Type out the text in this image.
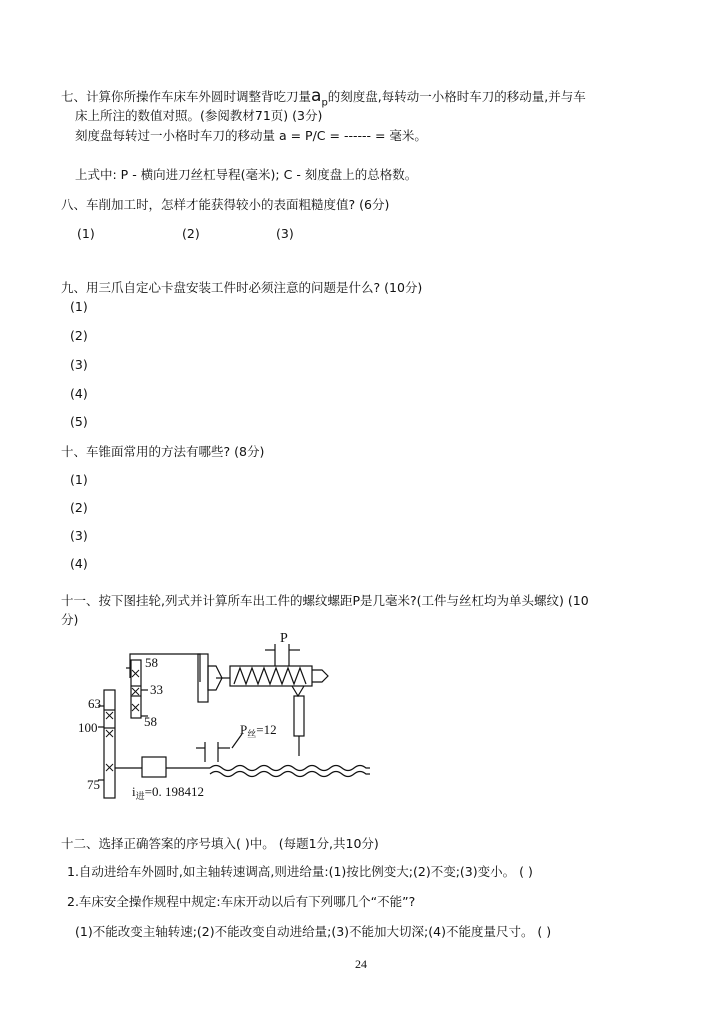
七、计算你所操作车床车外圆时调整背吃刀量$a_p$的刻度盘,每转动一小格时车刀的移动量,并与车
床上所注的数值对照。(参阅教材71页) (3分)
刻度盘每转过一小格时车刀的移动量 a = P/C = ------ = 毫米。
上式中: P - 横向进刀丝杠导程(毫米); C - 刻度盘上的总格数。
八、车削加工时，怎样才能获得较小的表面粗糙度值? (6分)
(1)	(2)	(3)
九、用三爪自定心卡盘安装工件时必须注意的问题是什么? (10分)
(1)
(2)
(3)
(4)
(5)
十、车锥面常用的方法有哪些? (8分)
(1)
(2)
(3)
(4)
十一、按下图挂轮,列式并计算所车出工件的螺纹螺距P是几毫米?(工件与丝杠均为单头螺纹) (10
分)
58
33
58
63
100
75
P
$P_丝=12$
$i_进=0$. 198412
十二、选择正确答案的序号填入( )中。 (每题1分,共10分)
1.自动进给车外圆时,如主轴转速调高,则进给量:(1)按比例变大;(2)不变;(3)变小。 ( )
2.车床安全操作规程中规定:车床开动以后有下列哪几个“不能”?
(1)不能改变主轴转速;(2)不能改变自动进给量;(3)不能加大切深;(4)不能度量尺寸。 ( )
24
